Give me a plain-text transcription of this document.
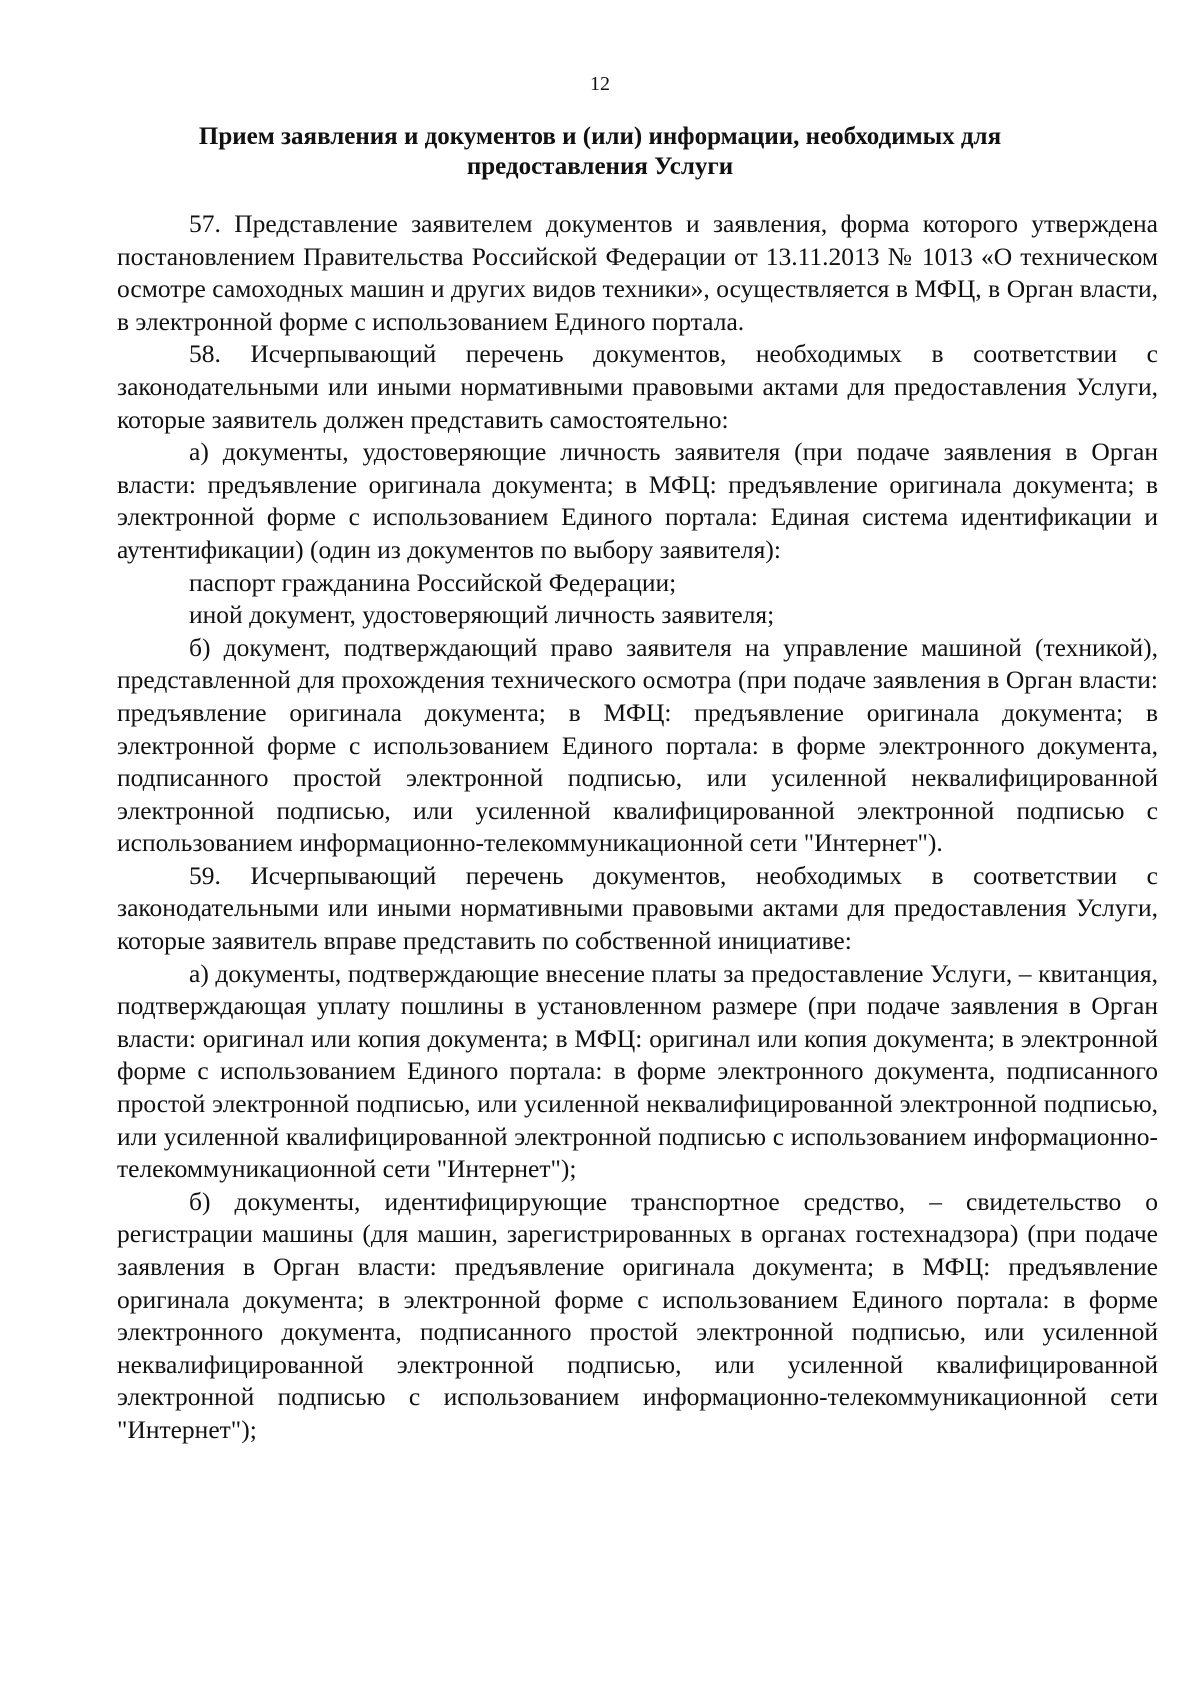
12
Прием заявления и документов и (или) информации, необходимых для
предоставления Услуги

57. Представление заявителем документов и заявления, форма которого утверждена постановлением Правительства Российской Федерации от 13.11.2013 № 1013 «О техническом осмотре самоходных машин и других видов техники», осуществляется в МФЦ, в Орган власти, в электронной форме с использованием Единого портала.

58. Исчерпывающий перечень документов, необходимых в соответствии с законодательными или иными нормативными правовыми актами для предоставления Услуги, которые заявитель должен представить самостоятельно:

а) документы, удостоверяющие личность заявителя (при подаче заявления в Орган власти: предъявление оригинала документа; в МФЦ: предъявление оригинала документа; в электронной форме с использованием Единого портала: Единая система идентификации и аутентификации) (один из документов по выбору заявителя):

паспорт гражданина Российской Федерации;

иной документ, удостоверяющий личность заявителя;

б) документ, подтверждающий право заявителя на управление машиной (техникой), представленной для прохождения технического осмотра (при подаче заявления в Орган власти: предъявление оригинала документа; в МФЦ: предъявление оригинала документа; в электронной форме с использованием Единого портала: в форме электронного документа, подписанного простой электронной подписью, или усиленной неквалифицированной электронной подписью, или усиленной квалифицированной электронной подписью с использованием информационно-телекоммуникационной сети "Интернет").

59. Исчерпывающий перечень документов, необходимых в соответствии с законодательными или иными нормативными правовыми актами для предоставления Услуги, которые заявитель вправе представить по собственной инициативе:

а) документы, подтверждающие внесение платы за предоставление Услуги, – квитанция, подтверждающая уплату пошлины в установленном размере (при подаче заявления в Орган власти: оригинал или копия документа; в МФЦ: оригинал или копия документа; в электронной форме с использованием Единого портала: в форме электронного документа, подписанного простой электронной подписью, или усиленной неквалифицированной электронной подписью, или усиленной квалифицированной электронной подписью с использованием информационно-телекоммуникационной сети "Интернет");

б) документы, идентифицирующие транспортное средство, – свидетельство о регистрации машины (для машин, зарегистрированных в органах гостехнадзора) (при подаче заявления в Орган власти: предъявление оригинала документа; в МФЦ: предъявление оригинала документа; в электронной форме с использованием Единого портала: в форме электронного документа, подписанного простой электронной подписью, или усиленной неквалифицированной электронной подписью, или усиленной квалифицированной электронной подписью с использованием информационно-телекоммуникационной сети "Интернет");
